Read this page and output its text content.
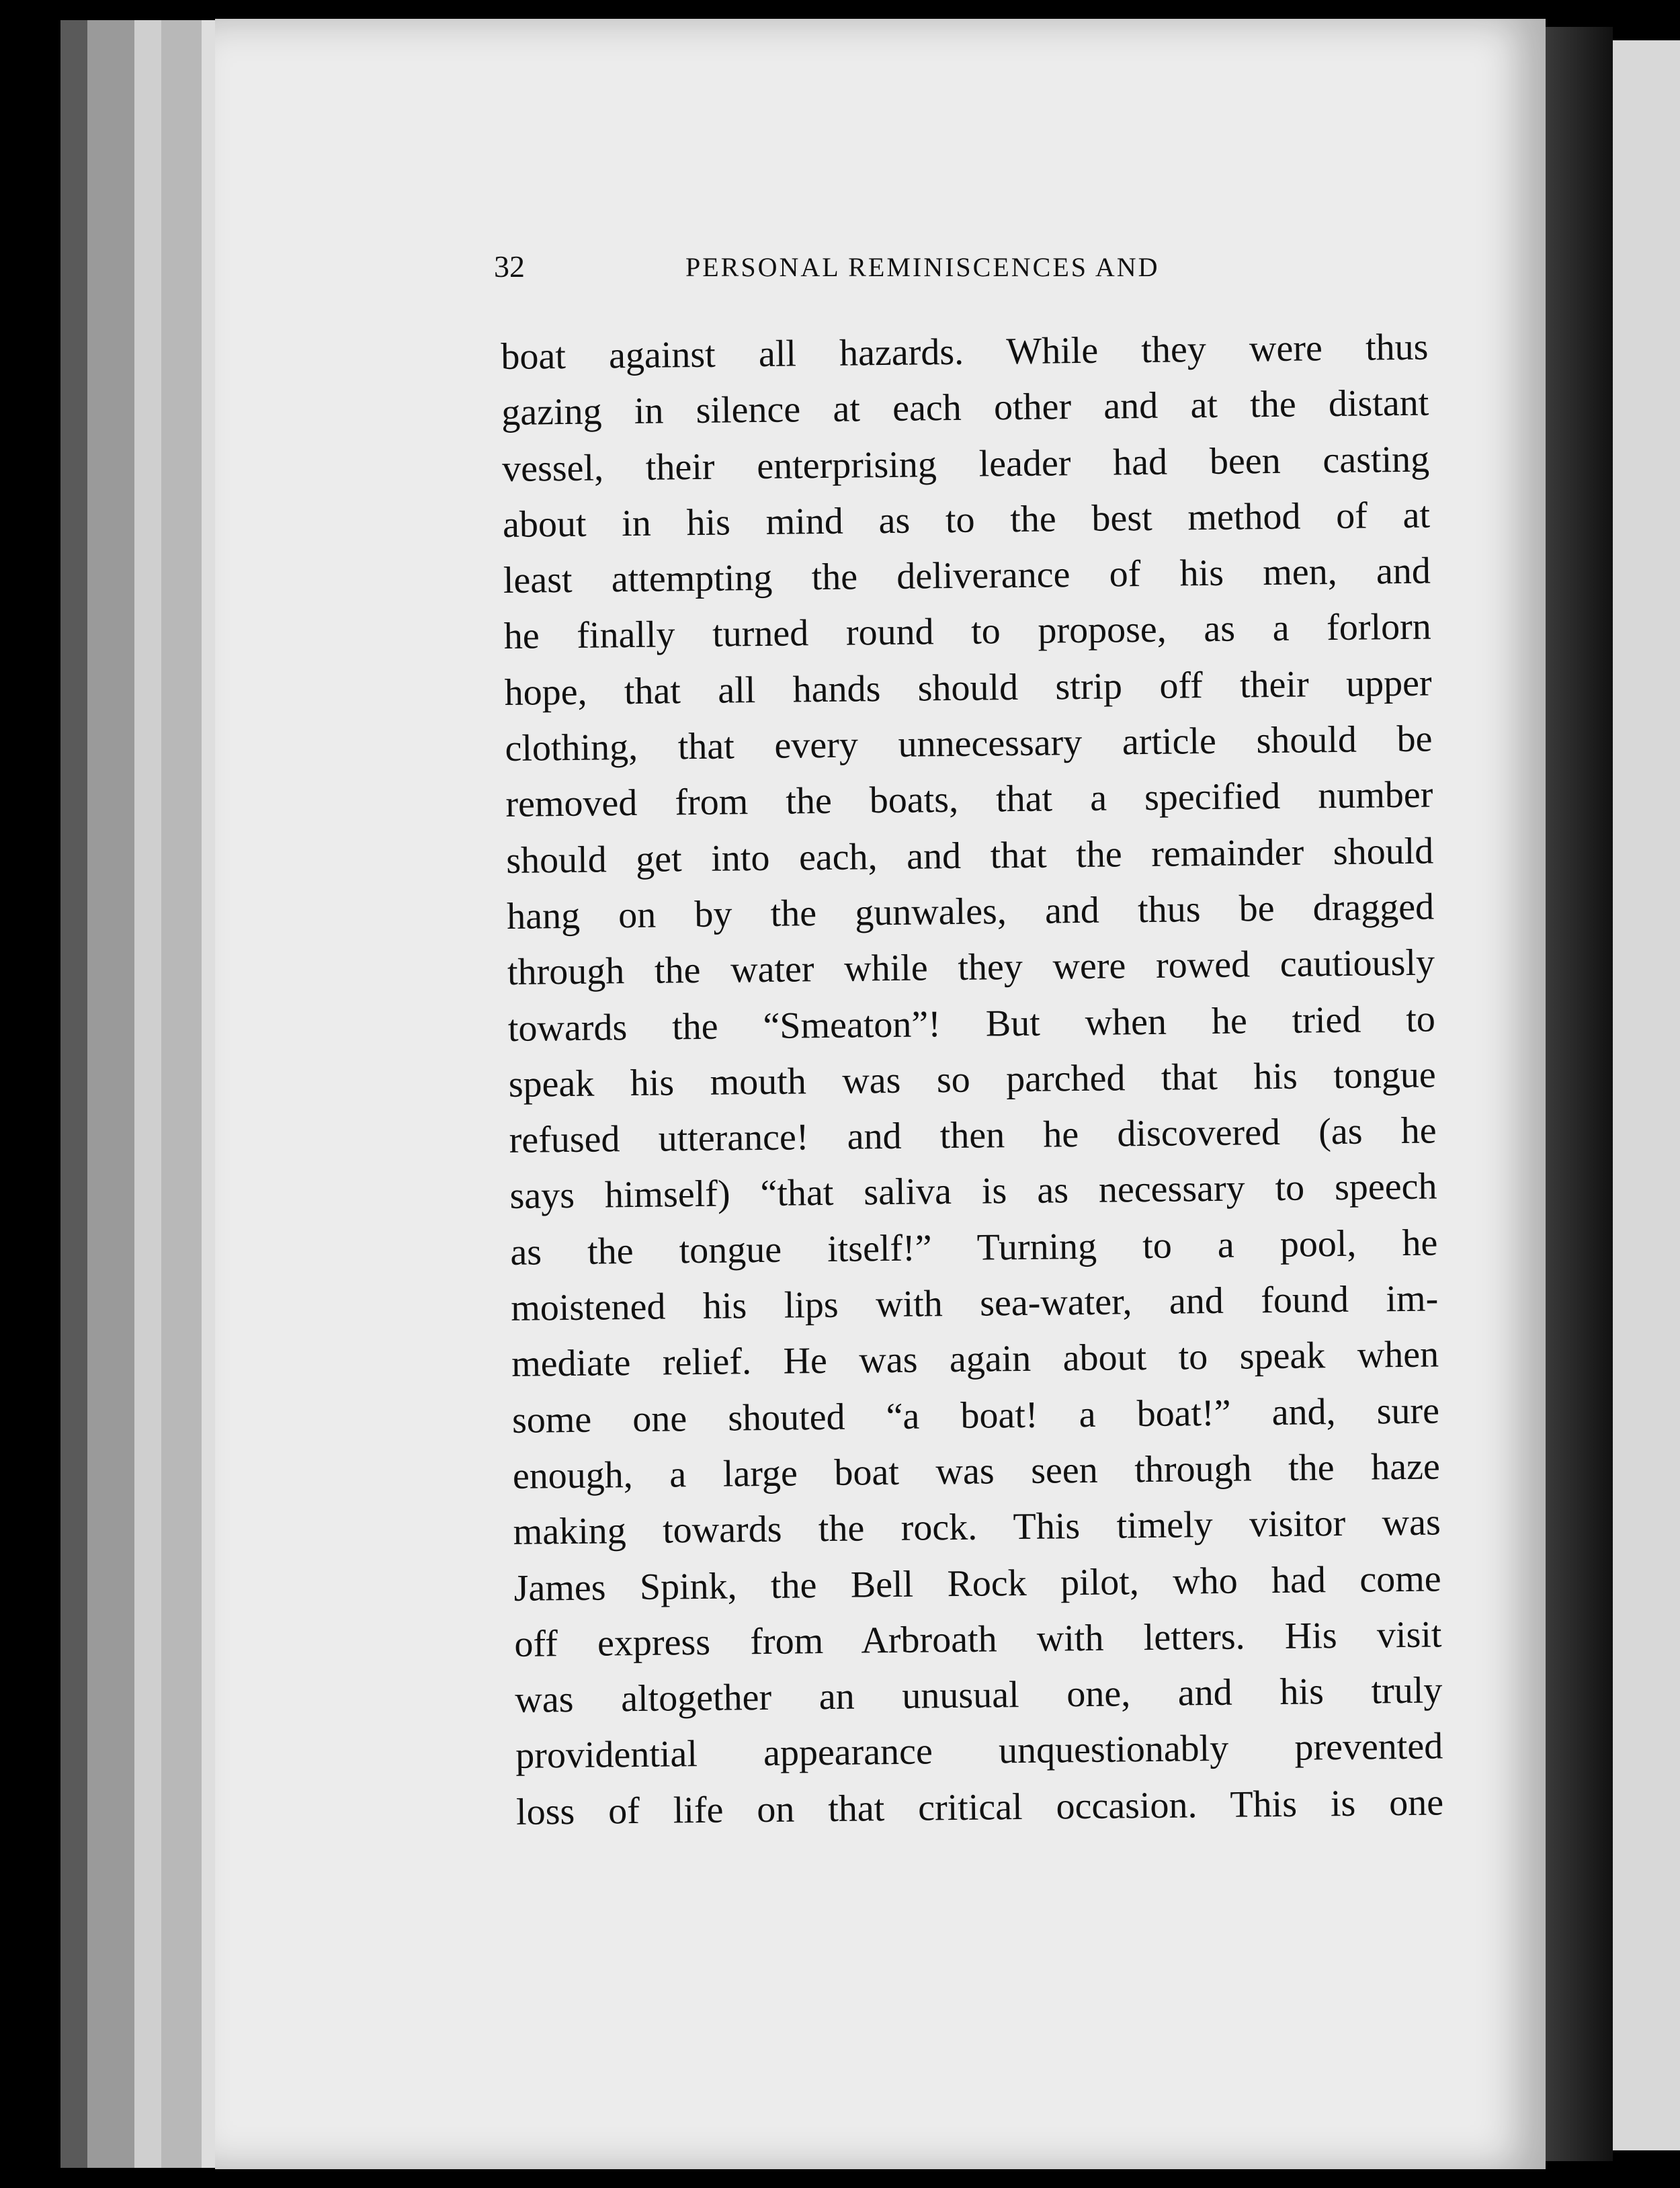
32	PERSONAL REMINISCENCES AND
boat against all hazards. While they were thus
gazing in silence at each other and at the distant
vessel, their enterprising leader had been casting
about in his mind as to the best method of at
least attempting the deliverance of his men, and
he finally turned round to propose, as a forlorn
hope, that all hands should strip off their upper
clothing, that every unnecessary article should be
removed from the boats, that a specified number
should get into each, and that the remainder should
hang on by the gunwales, and thus be dragged
through the water while they were rowed cautiously
towards the “Smeaton”! But when he tried to
speak his mouth was so parched that his tongue
refused utterance! and then he discovered (as he
says himself) “that saliva is as necessary to speech
as the tongue itself!” Turning to a pool, he
moistened his lips with sea-water, and found im-
mediate relief. He was again about to speak when
some one shouted “a boat! a boat!” and, sure
enough, a large boat was seen through the haze
making towards the rock. This timely visitor was
James Spink, the Bell Rock pilot, who had come
off express from Arbroath with letters. His visit
was altogether an unusual one, and his truly
providential appearance unquestionably prevented
loss of life on that critical occasion. This is one
